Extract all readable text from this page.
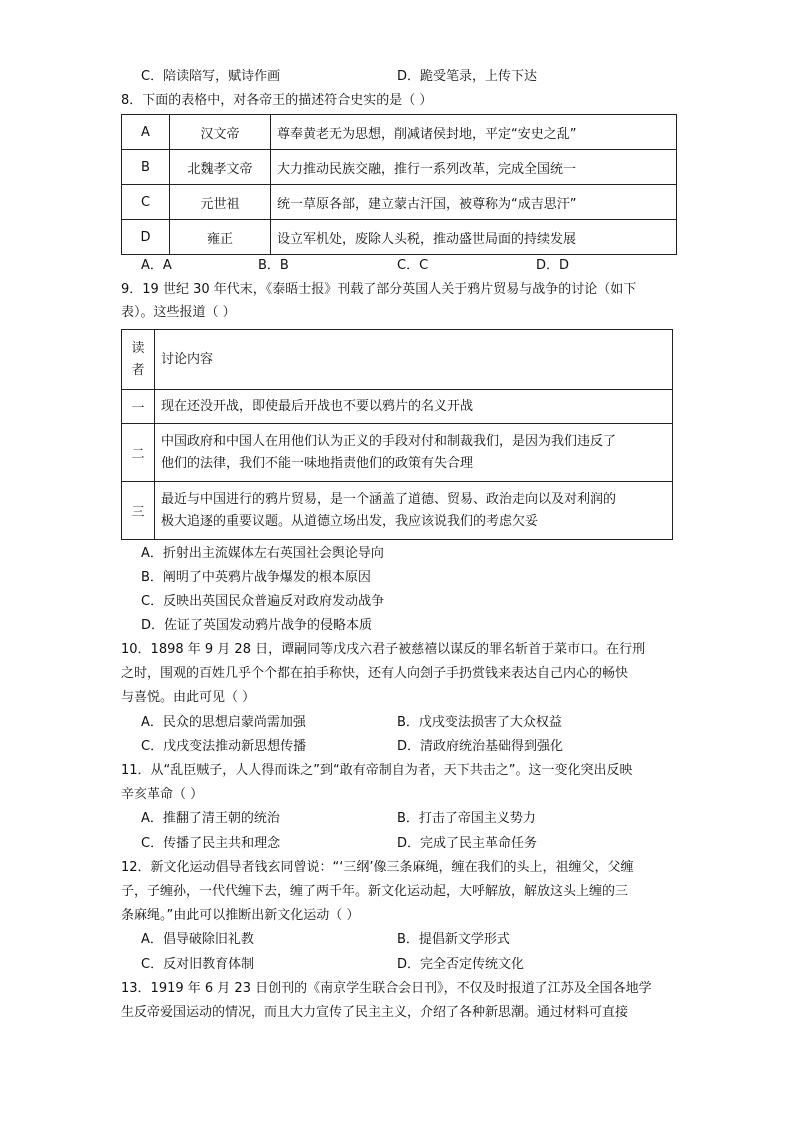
C．陪读陪写，赋诗作画	D．跪受笔录，上传下达
8．下面的表格中，对各帝王的描述符合史实的是（ ）
A	汉文帝	尊奉黄老无为思想，削减诸侯封地，平定“安史之乱”
B	北魏孝文帝	大力推动民族交融，推行一系列改革，完成全国统一
C	元世祖	统一草原各部，建立蒙古汗国，被尊称为“成吉思汗”
D	雍正	设立军机处，废除人头税，推动盛世局面的持续发展
A．A	B．B	C．C	D．D
9．19 世纪 30 年代末，《泰晤士报》刊载了部分英国人关于鸦片贸易与战争的讨论（如下
表）。这些报道（ ）
读
者	讨论内容
一	现在还没开战，即使最后开战也不要以鸦片的名义开战
二	中国政府和中国人在用他们认为正义的手段对付和制裁我们，是因为我们违反了
他们的法律，我们不能一味地指责他们的政策有失合理
三	最近与中国进行的鸦片贸易，是一个涵盖了道德、贸易、政治走向以及对利润的
极大追逐的重要议题。从道德立场出发，我应该说我们的考虑欠妥
A．折射出主流媒体左右英国社会舆论导向
B．阐明了中英鸦片战争爆发的根本原因
C．反映出英国民众普遍反对政府发动战争
D．佐证了英国发动鸦片战争的侵略本质
10．1898 年 9 月 28 日，谭嗣同等戊戌六君子被慈禧以谋反的罪名斩首于菜市口。在行刑
之时，围观的百姓几乎个个都在拍手称快，还有人向刽子手扔赏钱来表达自己内心的畅快
与喜悦。由此可见（ ）
A．民众的思想启蒙尚需加强	B．戊戌变法损害了大众权益
C．戊戌变法推动新思想传播	D．清政府统治基础得到强化
11．从“乱臣贼子，人人得而诛之”到“敢有帝制自为者，天下共击之”。这一变化突出反映
辛亥革命（ ）
A．推翻了清王朝的统治	B．打击了帝国主义势力
C．传播了民主共和理念	D．完成了民主革命任务
12．新文化运动倡导者钱玄同曾说：“‘三纲’像三条麻绳，缠在我们的头上，祖缠父，父缠
子，子缠孙，一代代缠下去，缠了两千年。新文化运动起，大呼解放，解放这头上缠的三
条麻绳。”由此可以推断出新文化运动（ ）
A．倡导破除旧礼教	B．提倡新文学形式
C．反对旧教育体制	D．完全否定传统文化
13．1919 年 6 月 23 日创刊的《南京学生联合会日刊》，不仅及时报道了江苏及全国各地学
生反帝爱国运动的情况，而且大力宣传了民主主义，介绍了各种新思潮。通过材料可直接
